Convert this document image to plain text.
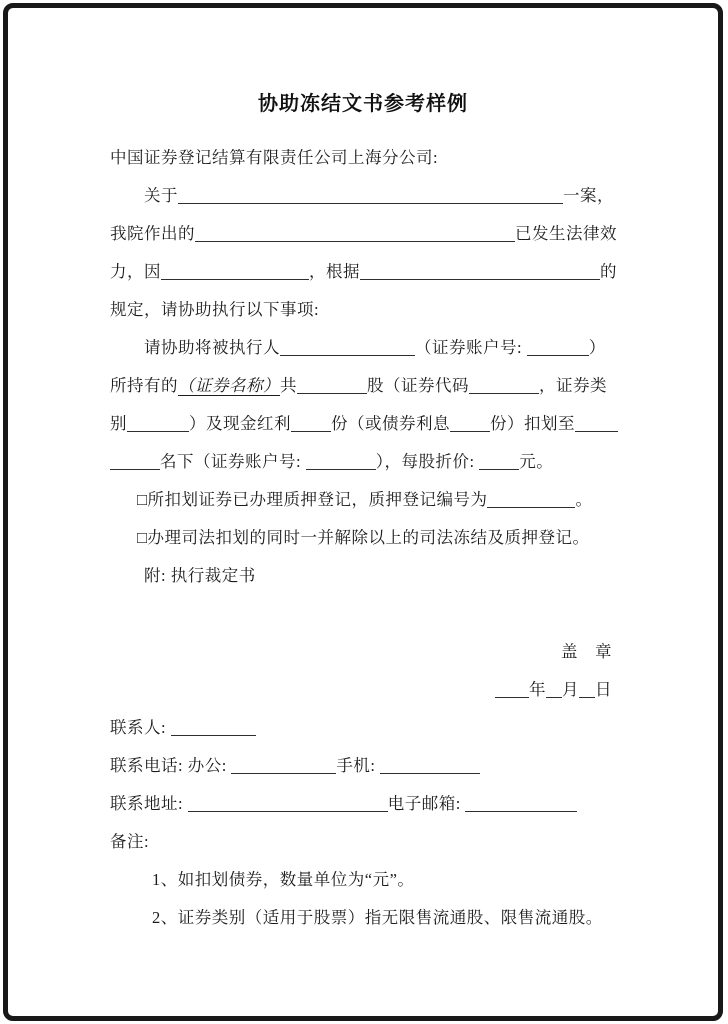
协助冻结文书参考样例
中国证券登记结算有限责任公司上海分公司:
关于	一案，
我院作出的	已发生法律效
力，因	，根据	的
规定，请协助执行以下事项:
请协助将被执行人	（证券账户号:	）
所持有的（证券名称）共	股（证券代码	，证券类
别	）及现金红利 份（或债券利息 份）扣划至
名下（证券账户号:	），每股折价: 元。
□所扣划证券已办理质押登记，质押登记编号为	。
□办理司法扣划的同时一并解除以上的司法冻结及质押登记。
附: 执行裁定书
盖　章
年 月 日
联系人:
联系电话: 办公:	手机:
联系地址:	电子邮箱:
备注:
1、如扣划债券，数量单位为“元”。
2、证券类别（适用于股票）指无限售流通股、限售流通股。
